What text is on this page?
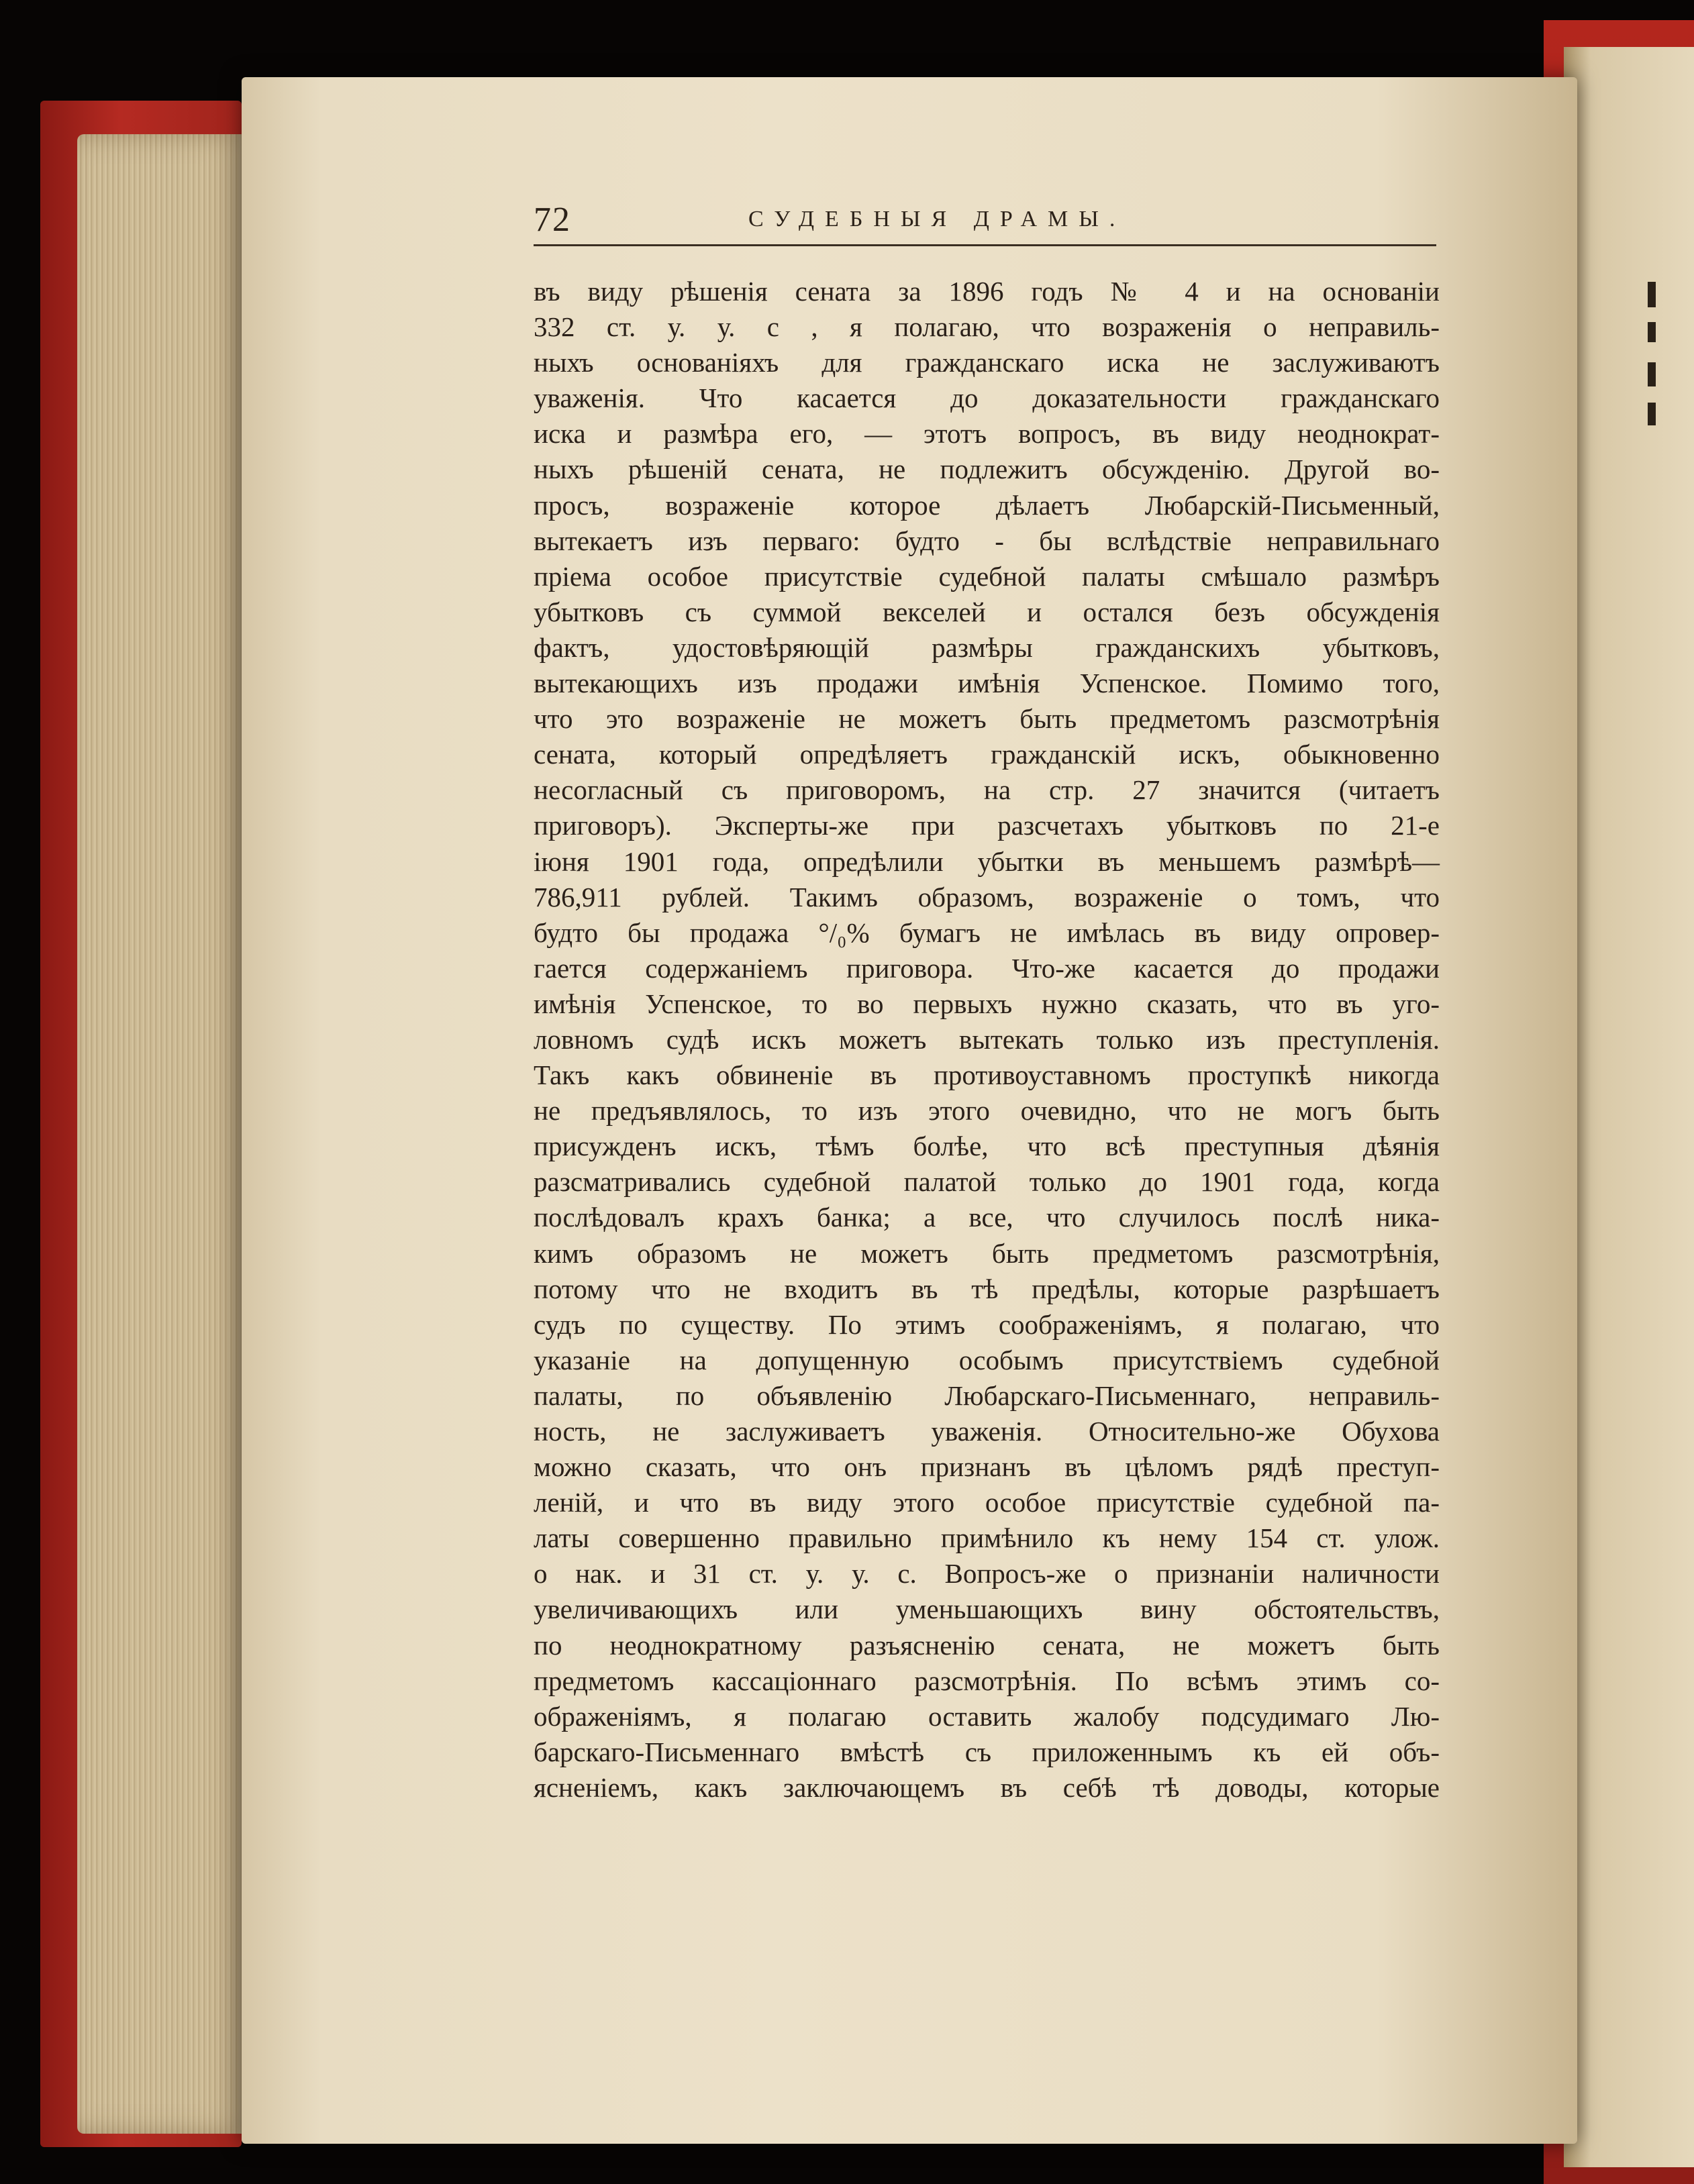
72	СУДЕБНЫЯ ДРАМЫ.
въ виду рѣшенія сената за 1896 годъ № 4 и на основаніи
332 ст. у. у. с , я полагаю, что возраженія о неправиль-
ныхъ основаніяхъ для гражданскаго иска не заслуживаютъ
уваженія. Что касается до доказательности гражданскаго
иска и размѣра его, — этотъ вопросъ, въ виду неоднократ-
ныхъ рѣшеній сената, не подлежитъ обсужденію. Другой во-
просъ, возраженіе которое дѣлаетъ Любарскій-Письменный,
вытекаетъ изъ перваго: будто - бы вслѣдствіе неправильнаго
пріема особое присутствіе судебной палаты смѣшало размѣръ
убытковъ съ суммой векселей и остался безъ обсужденія
фактъ, удостовѣряющій размѣры гражданскихъ убытковъ,
вытекающихъ изъ продажи имѣнія Успенское. Помимо того,
что это возраженіе не можетъ быть предметомъ разсмотрѣнія
сената, который опредѣляетъ гражданскій искъ, обыкновенно
несогласный съ приговоромъ, на стр. 27 значится (читаетъ
приговоръ). Эксперты-же при разсчетахъ убытковъ по 21-е
іюня 1901 года, опредѣлили убытки въ меньшемъ размѣрѣ—
786,911 рублей. Такимъ образомъ, возраженіе о томъ, что
будто бы продажа °/₀% бумагъ не имѣлась въ виду опровер-
гается содержаніемъ приговора. Что-же касается до продажи
имѣнія Успенское, то во первыхъ нужно сказать, что въ уго-
ловномъ судѣ искъ можетъ вытекать только изъ преступленія.
Такъ какъ обвиненіе въ противоуставномъ проступкѣ никогда
не предъявлялось, то изъ этого очевидно, что не могъ быть
присужденъ искъ, тѣмъ болѣе, что всѣ преступныя дѣянія
разсматривались судебной палатой только до 1901 года, когда
послѣдовалъ крахъ банка; а все, что случилось послѣ ника-
кимъ образомъ не можетъ быть предметомъ разсмотрѣнія,
потому что не входитъ въ тѣ предѣлы, которые разрѣшаетъ
судъ по существу. По этимъ соображеніямъ, я полагаю, что
указаніе на допущенную особымъ присутствіемъ судебной
палаты, по объявленію Любарскаго-Письменнаго, неправиль-
ность, не заслуживаетъ уваженія. Относительно-же Обухова
можно сказать, что онъ признанъ въ цѣломъ рядѣ преступ-
леній, и что въ виду этого особое присутствіе судебной па-
латы совершенно правильно примѣнило къ нему 154 ст. улож.
о нак. и 31 ст. у. у. с. Вопросъ-же о признаніи наличности
увеличивающихъ или уменьшающихъ вину обстоятельствъ,
по неоднократному разъясненію сената, не можетъ быть
предметомъ кассаціоннаго разсмотрѣнія. По всѣмъ этимъ со-
ображеніямъ, я полагаю оставить жалобу подсудимаго Лю-
барскаго-Письменнаго вмѣстѣ съ приложеннымъ къ ей объ-
ясненіемъ, какъ заключающемъ въ себѣ тѣ доводы, которые
